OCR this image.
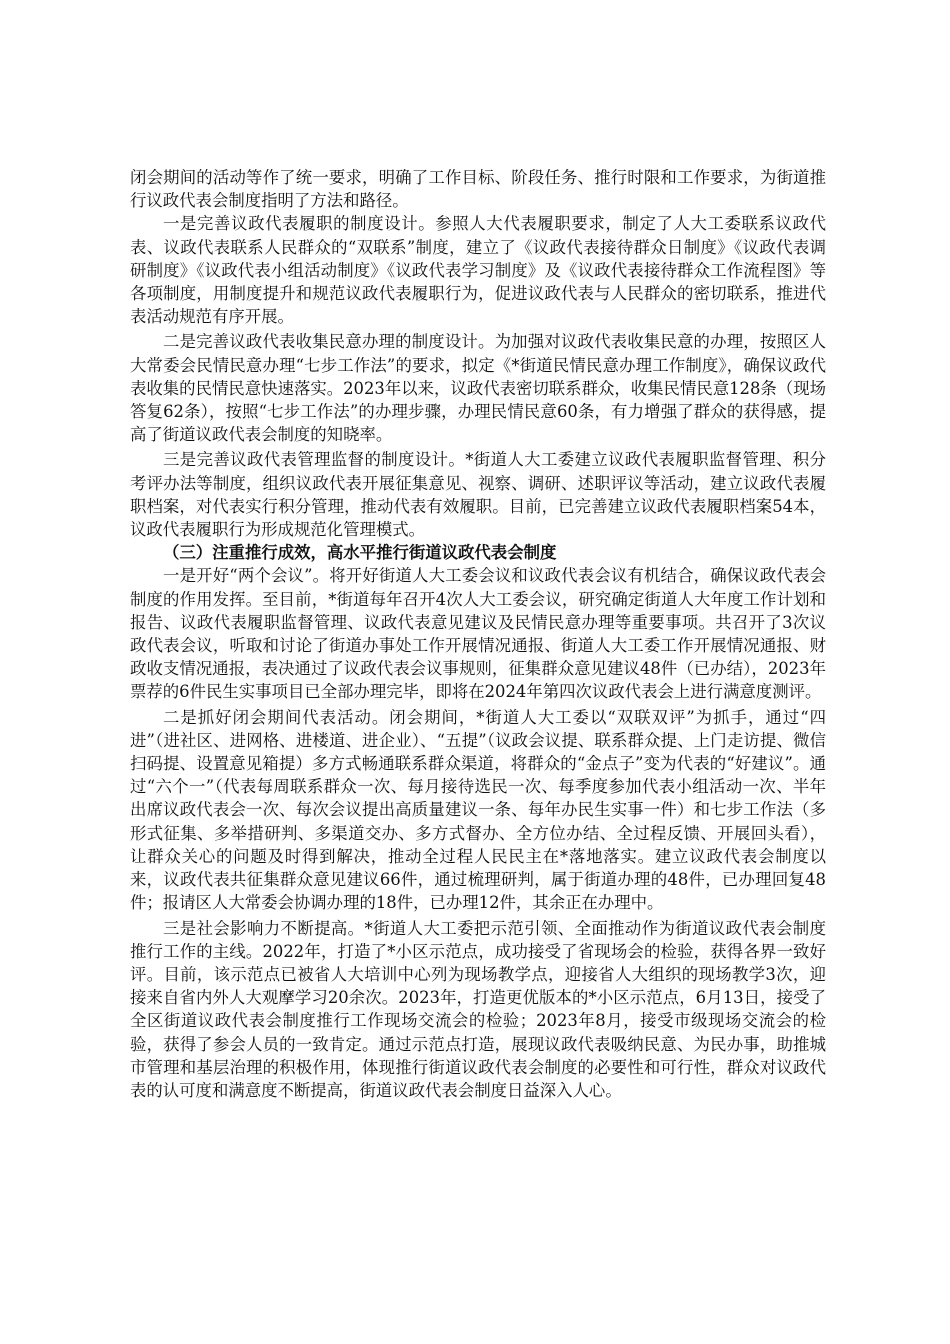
闭会期间的活动等作了统一要求，明确了工作目标、阶段任务、推行时限和工作要求，为街道推行议政代表会制度指明了方法和路径。

一是完善议政代表履职的制度设计。参照人大代表履职要求，制定了人大工委联系议政代表、议政代表联系人民群众的“双联系”制度，建立了《议政代表接待群众日制度》《议政代表调研制度》《议政代表小组活动制度》《议政代表学习制度》及《议政代表接待群众工作流程图》等各项制度，用制度提升和规范议政代表履职行为，促进议政代表与人民群众的密切联系，推进代表活动规范有序开展。

二是完善议政代表收集民意办理的制度设计。为加强对议政代表收集民意的办理，按照区人大常委会民情民意办理“七步工作法”的要求，拟定《*街道民情民意办理工作制度》，确保议政代表收集的民情民意快速落实。2023年以来，议政代表密切联系群众，收集民情民意128条（现场答复62条），按照“七步工作法”的办理步骤，办理民情民意60条，有力增强了群众的获得感，提高了街道议政代表会制度的知晓率。

三是完善议政代表管理监督的制度设计。*街道人大工委建立议政代表履职监督管理、积分考评办法等制度，组织议政代表开展征集意见、视察、调研、述职评议等活动，建立议政代表履职档案，对代表实行积分管理，推动代表有效履职。目前，已完善建立议政代表履职档案54本，议政代表履职行为形成规范化管理模式。

（三）注重推行成效，高水平推行街道议政代表会制度

一是开好“两个会议”。将开好街道人大工委会议和议政代表会议有机结合，确保议政代表会制度的作用发挥。至目前，*街道每年召开4次人大工委会议，研究确定街道人大年度工作计划和报告、议政代表履职监督管理、议政代表意见建议及民情民意办理等重要事项。共召开了3次议政代表会议，听取和讨论了街道办事处工作开展情况通报、街道人大工委工作开展情况通报、财政收支情况通报，表决通过了议政代表会议事规则，征集群众意见建议48件（已办结），2023年票荐的6件民生实事项目已全部办理完毕，即将在2024年第四次议政代表会上进行满意度测评。

二是抓好闭会期间代表活动。闭会期间，*街道人大工委以“双联双评”为抓手，通过“四进”（进社区、进网格、进楼道、进企业）、“五提”（议政会议提、联系群众提、上门走访提、微信扫码提、设置意见箱提）多方式畅通联系群众渠道，将群众的“金点子”变为代表的“好建议”。通过“六个一”（代表每周联系群众一次、每月接待选民一次、每季度参加代表小组活动一次、半年出席议政代表会一次、每次会议提出高质量建议一条、每年办民生实事一件）和七步工作法（多形式征集、多举措研判、多渠道交办、多方式督办、全方位办结、全过程反馈、开展回头看），让群众关心的问题及时得到解决，推动全过程人民民主在*落地落实。建立议政代表会制度以来，议政代表共征集群众意见建议66件，通过梳理研判，属于街道办理的48件，已办理回复48件；报请区人大常委会协调办理的18件，已办理12件，其余正在办理中。

三是社会影响力不断提高。*街道人大工委把示范引领、全面推动作为街道议政代表会制度推行工作的主线。2022年，打造了*小区示范点，成功接受了省现场会的检验，获得各界一致好评。目前，该示范点已被省人大培训中心列为现场教学点，迎接省人大组织的现场教学3次，迎接来自省内外人大观摩学习20余次。2023年，打造更优版本的*小区示范点，6月13日，接受了全区街道议政代表会制度推行工作现场交流会的检验；2023年8月，接受市级现场交流会的检验，获得了参会人员的一致肯定。通过示范点打造，展现议政代表吸纳民意、为民办事，助推城市管理和基层治理的积极作用，体现推行街道议政代表会制度的必要性和可行性，群众对议政代表的认可度和满意度不断提高，街道议政代表会制度日益深入人心。
